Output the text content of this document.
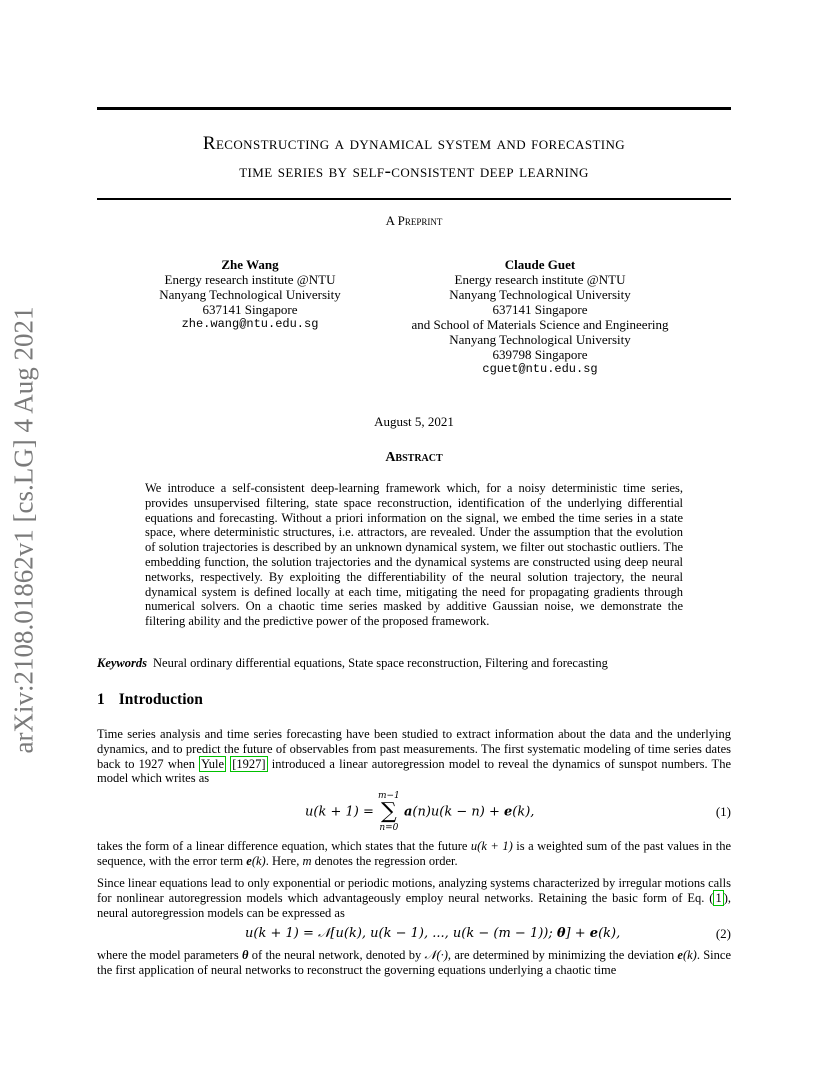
arXiv:2108.01862v1 [cs.LG] 4 Aug 2021
Reconstructing a dynamical system and forecasting
time series by self-consistent deep learning
A Preprint
Zhe Wang
Energy research institute @NTU
Nanyang Technological University
637141 Singapore
zhe.wang@ntu.edu.sg
Claude Guet
Energy research institute @NTU
Nanyang Technological University
637141 Singapore
and School of Materials Science and Engineering
Nanyang Technological University
639798 Singapore
cguet@ntu.edu.sg
August 5, 2021
Abstract
We introduce a self-consistent deep-learning framework which, for a noisy deterministic time series, provides unsupervised filtering, state space reconstruction, identification of the underlying differential equations and forecasting. Without a priori information on the signal, we embed the time series in a state space, where deterministic structures, i.e. attractors, are revealed. Under the assumption that the evolution of solution trajectories is described by an unknown dynamical system, we filter out stochastic outliers. The embedding function, the solution trajectories and the dynamical systems are constructed using deep neural networks, respectively. By exploiting the differentiability of the neural solution trajectory, the neural dynamical system is defined locally at each time, mitigating the need for propagating gradients through numerical solvers. On a chaotic time series masked by additive Gaussian noise, we demonstrate the filtering ability and the predictive power of the proposed framework.
Keywords Neural ordinary differential equations, State space reconstruction, Filtering and forecasting
1 Introduction
Time series analysis and time series forecasting have been studied to extract information about the data and the underlying dynamics, and to predict the future of observables from past measurements. The first systematic modeling of time series dates back to 1927 when Yule [1927] introduced a linear autoregression model to reveal the dynamics of sunspot numbers. The model which writes as
u(k + 1) =
m−1
∑
n=0
a(n)u(k − n) + e(k),	(1)
takes the form of a linear difference equation, which states that the future u(k + 1) is a weighted sum of the past values in the sequence, with the error term e(k). Here, m denotes the regression order.
Since linear equations lead to only exponential or periodic motions, analyzing systems characterized by irregular motions calls for nonlinear autoregression models which advantageously employ neural networks. Retaining the basic form of Eq. ( 1 ), neural autoregression models can be expressed as
u(k + 1) = 𝒩[u(k), u(k − 1), ..., u(k − (m − 1)); θ] + e(k),	(2)
where the model parameters θ of the neural network, denoted by 𝒩(·), are determined by minimizing the deviation e(k). Since the first application of neural networks to reconstruct the governing equations underlying a chaotic time
